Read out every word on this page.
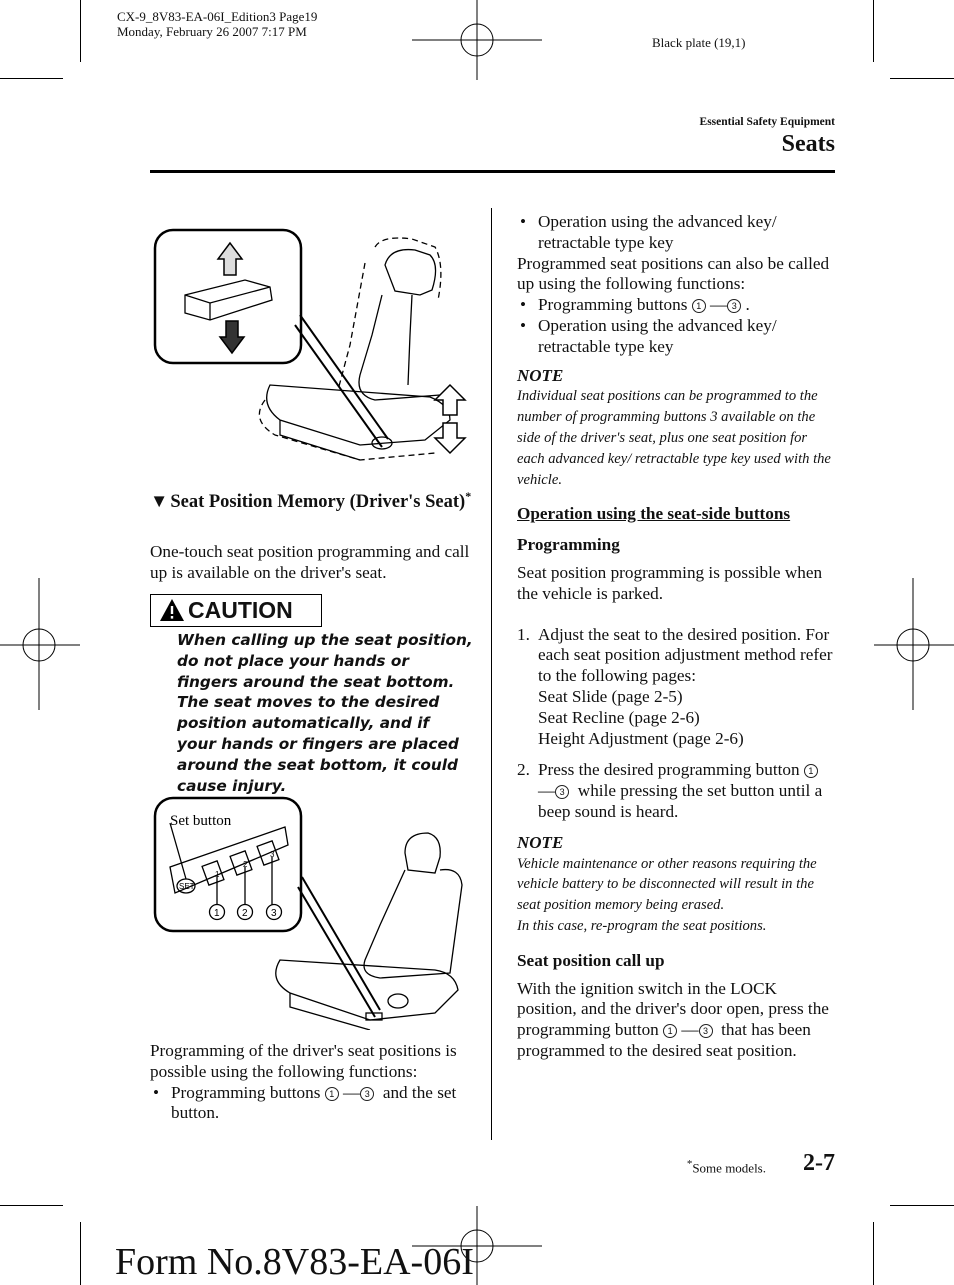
CX-9_8V83-EA-06I_Edition3 Page19
Monday, February 26 2007 7:17 PM
Black plate (19,1)
Essential Safety Equipment
Seats
▼ Seat Position Memory (Driver's Seat)*
One-touch seat position programming and call up is available on the driver's seat.
CAUTION
When calling up the seat position, do not place your hands or fingers around the seat bottom. The seat moves to the desired position automatically, and if your hands or fingers are placed around the seat bottom, it could cause injury.
SET
1
2
3
1 2 3
Set button
Programming of the driver's seat positions is possible using the following functions:
• Programming buttons 1 — 3 and the set button.
• Operation using the advanced key/ retractable type key
Programmed seat positions can also be called up using the following functions:
• Programming buttons 1 — 3 .
• Operation using the advanced key/ retractable type key
NOTE
Individual seat positions can be programmed to the number of programming buttons 3 available on the side of the driver's seat, plus one seat position for each advanced key/ retractable type key used with the vehicle.
Operation using the seat-side buttons
Programming
Seat position programming is possible when the vehicle is parked.
1. Adjust the seat to the desired position. For each seat position adjustment method refer to the following pages:
Seat Slide (page 2-5)
Seat Recline (page 2-6)
Height Adjustment (page 2-6)
2. Press the desired programming button 1 — 3 while pressing the set button until a beep sound is heard.
NOTE
Vehicle maintenance or other reasons requiring the vehicle battery to be disconnected will result in the seat position memory being erased.
In this case, re-program the seat positions.
Seat position call up
With the ignition switch in the LOCK position, and the driver's door open, press the programming button 1 — 3 that has been programmed to the desired seat position.
*Some models. 2-7
Form No.8V83-EA-06I
